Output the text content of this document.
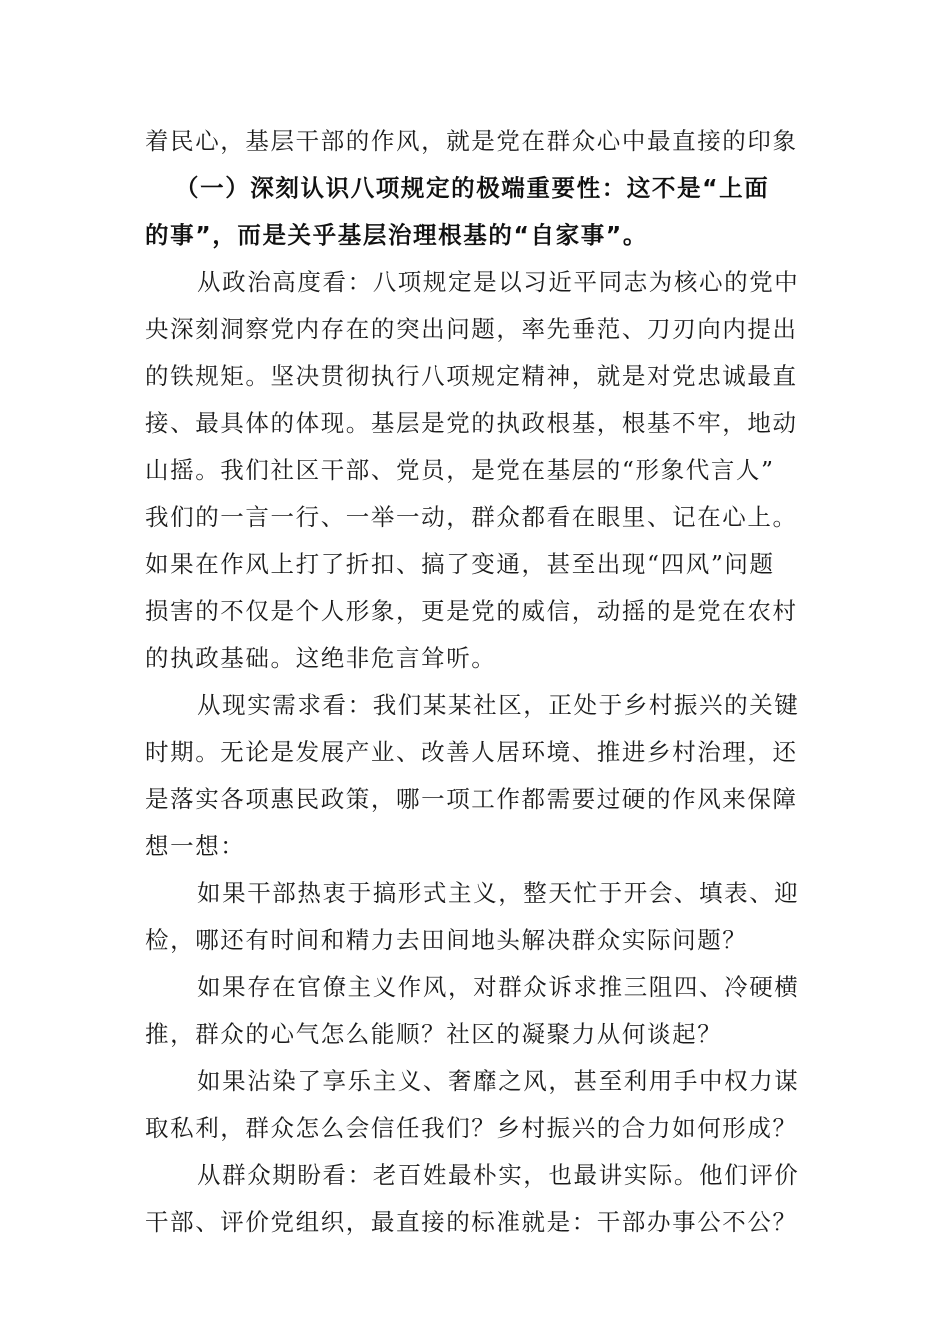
着民心，基层干部的作风，就是党在群众心中最直接的印象
（一）深刻认识八项规定的极端重要性：这不是“上面
的事”，而是关乎基层治理根基的“自家事”。
从政治高度看：八项规定是以习近平同志为核心的党中
央深刻洞察党内存在的突出问题，率先垂范、刀刃向内提出
的铁规矩。坚决贯彻执行八项规定精神，就是对党忠诚最直
接、最具体的体现。基层是党的执政根基，根基不牢，地动
山摇。我们社区干部、党员，是党在基层的“形象代言人”
我们的一言一行、一举一动，群众都看在眼里、记在心上。
如果在作风上打了折扣、搞了变通，甚至出现“四风”问题
损害的不仅是个人形象，更是党的威信，动摇的是党在农村
的执政基础。这绝非危言耸听。
从现实需求看：我们某某社区，正处于乡村振兴的关键
时期。无论是发展产业、改善人居环境、推进乡村治理，还
是落实各项惠民政策，哪一项工作都需要过硬的作风来保障
想一想：
如果干部热衷于搞形式主义，整天忙于开会、填表、迎
检，哪还有时间和精力去田间地头解决群众实际问题？
如果存在官僚主义作风，对群众诉求推三阻四、冷硬横
推，群众的心气怎么能顺？社区的凝聚力从何谈起？
如果沾染了享乐主义、奢靡之风，甚至利用手中权力谋
取私利，群众怎么会信任我们？乡村振兴的合力如何形成？
从群众期盼看：老百姓最朴实，也最讲实际。他们评价
干部、评价党组织，最直接的标准就是：干部办事公不公？
